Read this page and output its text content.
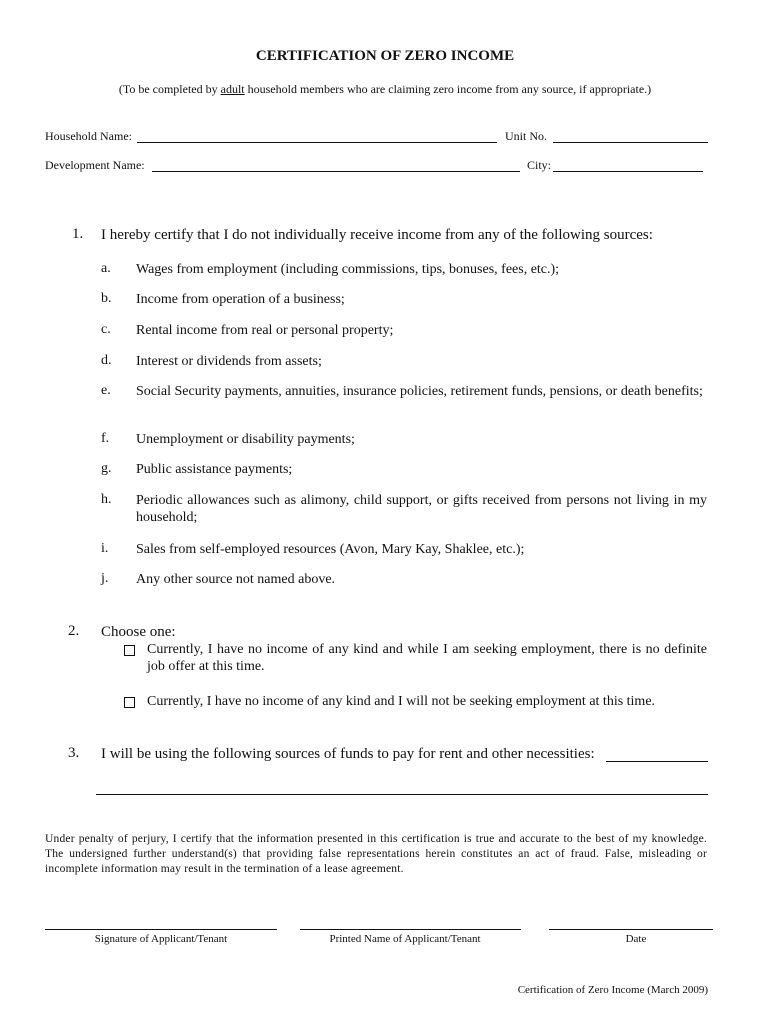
CERTIFICATION OF ZERO INCOME
(To be completed by adult household members who are claiming zero income from any source, if appropriate.)
Household Name:	Unit No.
Development Name:	City:
1. I hereby certify that I do not individually receive income from any of the following sources:
a. Wages from employment (including commissions, tips, bonuses, fees, etc.);
b. Income from operation of a business;
c. Rental income from real or personal property;
d. Interest or dividends from assets;
e. Social Security payments, annuities, insurance policies, retirement funds, pensions, or death benefits;
f. Unemployment or disability payments;
g. Public assistance payments;
h. Periodic allowances such as alimony, child support, or gifts received from persons not living in my household;
i. Sales from self-employed resources (Avon, Mary Kay, Shaklee, etc.);
j. Any other source not named above.
2. Choose one:
Currently, I have no income of any kind and while I am seeking employment, there is no definite job offer at this time.
Currently, I have no income of any kind and I will not be seeking employment at this time.
3. I will be using the following sources of funds to pay for rent and other necessities:
Under penalty of perjury, I certify that the information presented in this certification is true and accurate to the best of my knowledge. The undersigned further understand(s) that providing false representations herein constitutes an act of fraud. False, misleading or incomplete information may result in the termination of a lease agreement.
Signature of Applicant/Tenant	Printed Name of Applicant/Tenant	Date
Certification of Zero Income (March 2009)
